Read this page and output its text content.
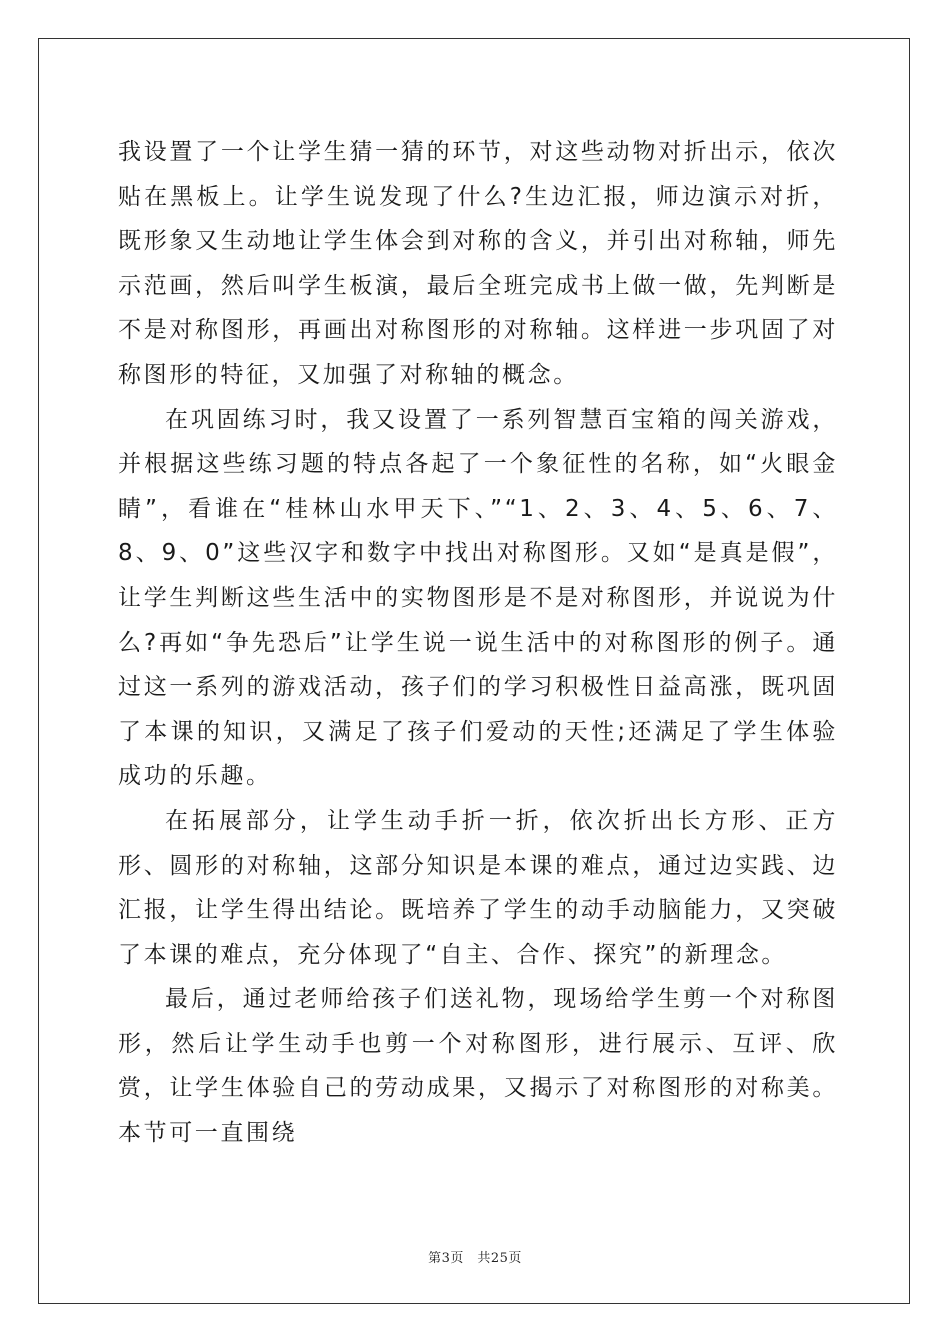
我设置了一个让学生猜一猜的环节，对这些动物对折出示，依次贴在黑板上。让学生说发现了什么?生边汇报，师边演示对折，既形象又生动地让学生体会到对称的含义，并引出对称轴，师先示范画，然后叫学生板演，最后全班完成书上做一做，先判断是不是对称图形，再画出对称图形的对称轴。这样进一步巩固了对称图形的特征，又加强了对称轴的概念。

在巩固练习时，我又设置了一系列智慧百宝箱的闯关游戏，并根据这些练习题的特点各起了一个象征性的名称，如“火眼金睛”，看谁在“桂林山水甲天下、”“1、2、3、4、5、6、7、8、9、0”这些汉字和数字中找出对称图形。又如“是真是假”，让学生判断这些生活中的实物图形是不是对称图形，并说说为什么?再如“争先恐后”让学生说一说生活中的对称图形的例子。通过这一系列的游戏活动，孩子们的学习积极性日益高涨，既巩固了本课的知识，又满足了孩子们爱动的天性;还满足了学生体验成功的乐趣。

在拓展部分，让学生动手折一折，依次折出长方形、正方形、圆形的对称轴，这部分知识是本课的难点，通过边实践、边汇报，让学生得出结论。既培养了学生的动手动脑能力，又突破了本课的难点，充分体现了“自主、合作、探究”的新理念。

最后，通过老师给孩子们送礼物，现场给学生剪一个对称图形，然后让学生动手也剪一个对称图形，进行展示、互评、欣赏，让学生体验自己的劳动成果，又揭示了对称图形的对称美。本节可一直围绕

第3页　共25页
